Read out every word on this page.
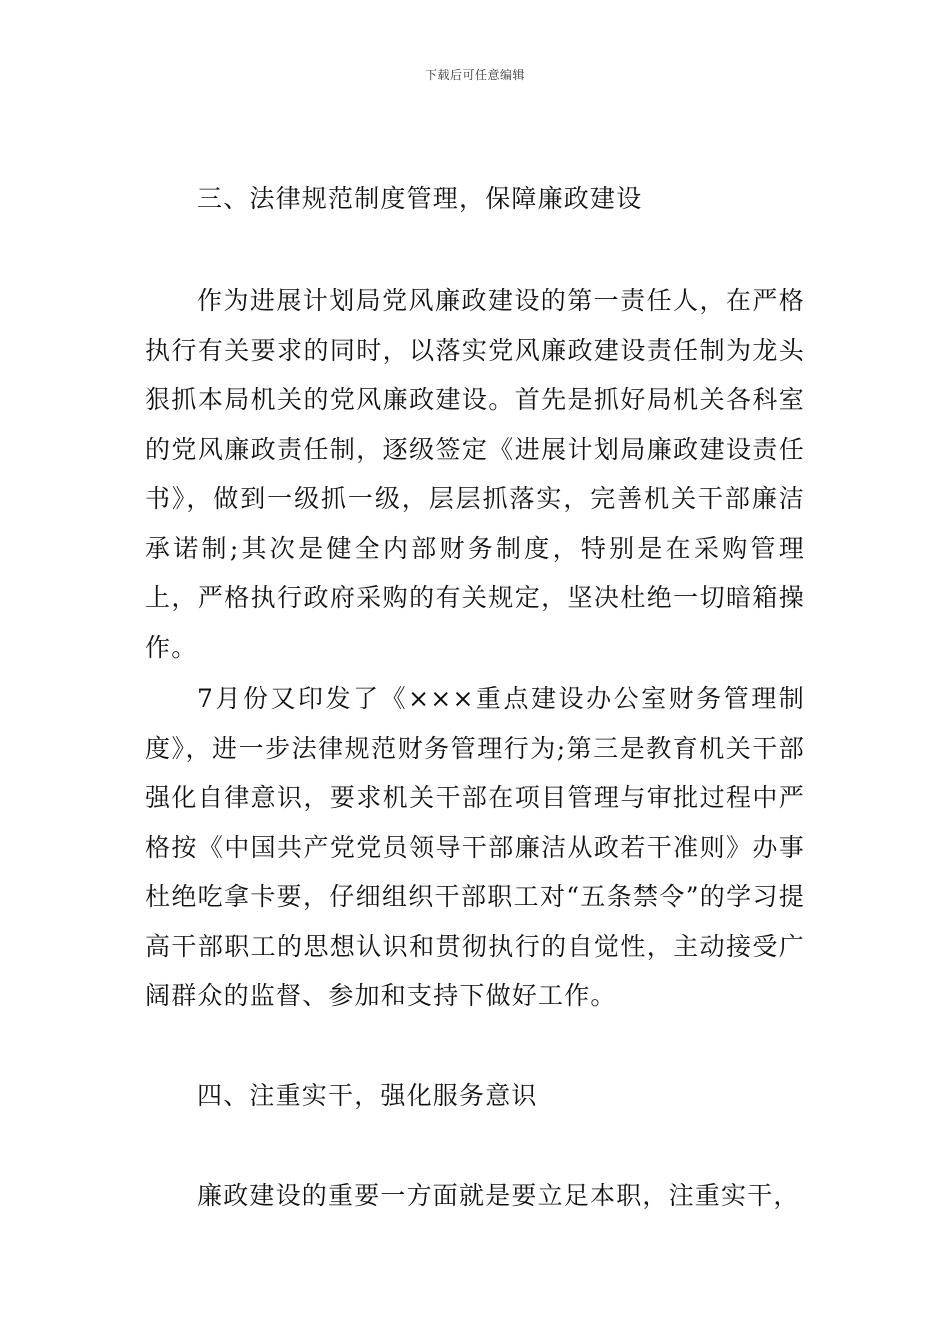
下载后可任意编辑

三、法律规范制度管理，保障廉政建设

作为进展计划局党风廉政建设的第一责任人，在严格执行有关要求的同时，以落实党风廉政建设责任制为龙头狠抓本局机关的党风廉政建设。首先是抓好局机关各科室的党风廉政责任制，逐级签定《进展计划局廉政建设责任书》，做到一级抓一级，层层抓落实，完善机关干部廉洁承诺制;其次是健全内部财务制度，特别是在采购管理上，严格执行政府采购的有关规定，坚决杜绝一切暗箱操作。

7月份又印发了《×××重点建设办公室财务管理制度》，进一步法律规范财务管理行为;第三是教育机关干部强化自律意识，要求机关干部在项目管理与审批过程中严格按《中国共产党党员领导干部廉洁从政若干准则》办事杜绝吃拿卡要，仔细组织干部职工对“五条禁令”的学习提高干部职工的思想认识和贯彻执行的自觉性，主动接受广阔群众的监督、参加和支持下做好工作。

四、注重实干，强化服务意识

廉政建设的重要一方面就是要立足本职，注重实干，
